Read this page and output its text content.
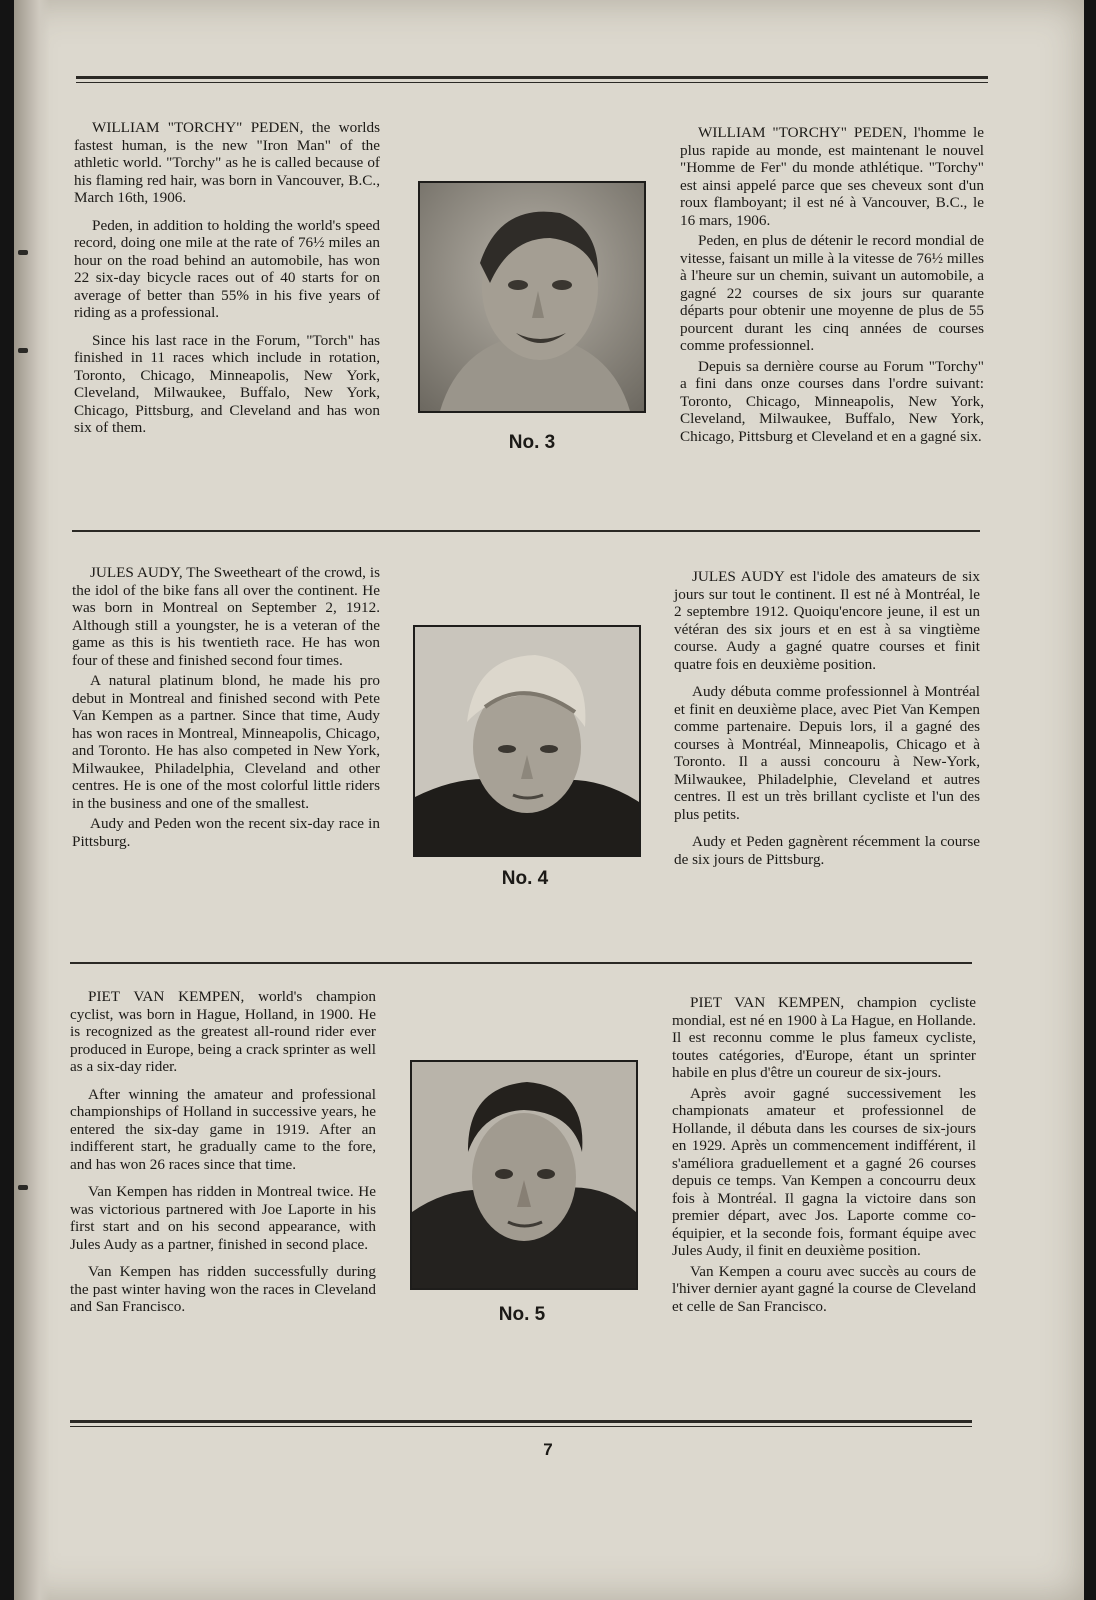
WILLIAM "TORCHY" PEDEN, the worlds fastest human, is the new "Iron Man" of the athletic world. "Torchy" as he is called because of his flaming red hair, was born in Vancouver, B.C., March 16th, 1906.

Peden, in addition to holding the world's speed record, doing one mile at the rate of 76½ miles an hour on the road behind an automobile, has won 22 six-day bicycle races out of 40 starts for on average of better than 55% in his five years of riding as a professional.

Since his last race in the Forum, "Torch" has finished in 11 races which include in rotation, Toronto, Chicago, Minneapolis, New York, Cleveland, Milwaukee, Buffalo, New York, Chicago, Pittsburg, and Cleveland and has won six of them.

No. 3

WILLIAM "TORCHY" PEDEN, l'homme le plus rapide au monde, est maintenant le nouvel "Homme de Fer" du monde athlétique. "Torchy" est ainsi appelé parce que ses cheveux sont d'un roux flamboyant; il est né à Vancouver, B.C., le 16 mars, 1906.

Peden, en plus de détenir le record mondial de vitesse, faisant un mille à la vitesse de 76½ milles à l'heure sur un chemin, suivant un automobile, a gagné 22 courses de six jours sur quarante départs pour obtenir une moyenne de plus de 55 pourcent durant les cinq années de courses comme professionnel.

Depuis sa dernière course au Forum "Torchy" a fini dans onze courses dans l'ordre suivant: Toronto, Chicago, Minneapolis, New York, Cleveland, Milwaukee, Buffalo, New York, Chicago, Pittsburg et Cleveland et en a gagné six.

JULES AUDY, The Sweetheart of the crowd, is the idol of the bike fans all over the continent. He was born in Montreal on September 2, 1912. Although still a youngster, he is a veteran of the game as this is his twentieth race. He has won four of these and finished second four times.

A natural platinum blond, he made his pro debut in Montreal and finished second with Pete Van Kempen as a partner. Since that time, Audy has won races in Montreal, Minneapolis, Chicago, and Toronto. He has also competed in New York, Milwaukee, Philadelphia, Cleveland and other centres. He is one of the most colorful little riders in the business and one of the smallest.

Audy and Peden won the recent six-day race in Pittsburg.

No. 4

JULES AUDY est l'idole des amateurs de six jours sur tout le continent. Il est né à Montréal, le 2 septembre 1912. Quoiqu'encore jeune, il est un vétéran des six jours et en est à sa vingtième course. Audy a gagné quatre courses et finit quatre fois en deuxième position.

Audy débuta comme professionnel à Montréal et finit en deuxième place, avec Piet Van Kempen comme partenaire. Depuis lors, il a gagné des courses à Montréal, Minneapolis, Chicago et à Toronto. Il a aussi concouru à New-York, Milwaukee, Philadelphie, Cleveland et autres centres. Il est un très brillant cycliste et l'un des plus petits.

Audy et Peden gagnèrent récemment la course de six jours de Pittsburg.

PIET VAN KEMPEN, world's champion cyclist, was born in Hague, Holland, in 1900. He is recognized as the greatest all-round rider ever produced in Europe, being a crack sprinter as well as a six-day rider.

After winning the amateur and professional championships of Holland in successive years, he entered the six-day game in 1919. After an indifferent start, he gradually came to the fore, and has won 26 races since that time.

Van Kempen has ridden in Montreal twice. He was victorious partnered with Joe Laporte in his first start and on his second appearance, with Jules Audy as a partner, finished in second place.

Van Kempen has ridden successfully during the past winter having won the races in Cleveland and San Francisco.	No. 5

PIET VAN KEMPEN, champion cycliste mondial, est né en 1900 à La Hague, en Hollande. Il est reconnu comme le plus fameux cycliste, toutes catégories, d'Europe, étant un sprinter habile en plus d'être un coureur de six-jours.

Après avoir gagné successivement les championats amateur et professionnel de Hollande, il débuta dans les courses de six-jours en 1929. Après un commencement indifférent, il s'améliora graduellement et a gagné 26 courses depuis ce temps. Van Kempen a concourru deux fois à Montréal. Il gagna la victoire dans son premier départ, avec Jos. Laporte comme co-équipier, et la seconde fois, formant équipe avec Jules Audy, il finit en deuxième position.

Van Kempen a couru avec succès au cours de l'hiver dernier ayant gagné la course de Cleveland et celle de San Francisco.

7
